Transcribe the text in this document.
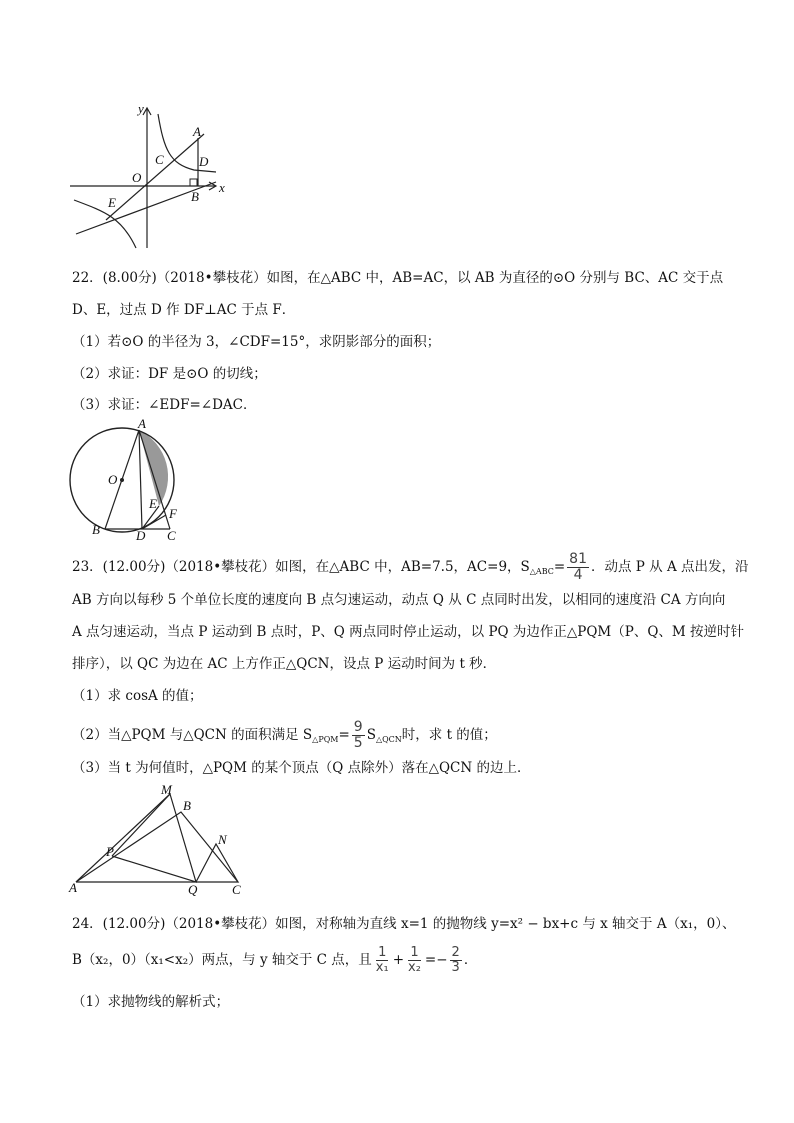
y
x
A
C	D
O
B
E
22．(8.00分)（2018•攀枝花）如图，在△ABC 中，AB=AC，以 AB 为直径的⊙O 分别与 BC、AC 交于点
D、E，过点 D 作 DF⊥AC 于点 F．
（1）若⊙O 的半径为 3，∠CDF=15°，求阴影部分的面积；
（2）求证：DF 是⊙O 的切线；
（3）求证：∠EDF=∠DAC．
A
O
E
F
B	D C
23．(12.00分)（2018•攀枝花）如图，在△ABC 中，AB=7.5，AC=9，$S_{\triangle ABC}= \frac{81}{4}$ ．动点 P 从 A 点出发，沿
AB 方向以每秒 5 个单位长度的速度向 B 点匀速运动，动点 Q 从 C 点同时出发，以相同的速度沿 CA 方向向
A 点匀速运动，当点 P 运动到 B 点时，P、Q 两点同时停止运动，以 PQ 为边作正△PQM（P、Q、M 按逆时针
排序），以 QC 为边在 AC 上方作正△QCN，设点 P 运动时间为 t 秒．
（1）求 cosA 的值；
（2）当△PQM 与△QCN 的面积满足 $S_{\triangle PQM}= \frac{9}{5} S_{\triangle QCN}$时，求 t 的值；
（3）当 t 为何值时，△PQM 的某个顶点（Q 点除外）落在△QCN 的边上．
M
B
N
P
A	Q	C
24．(12.00分)（2018•攀枝花）如图，对称轴为直线 x=1 的抛物线 y=x² − bx+c 与 x 轴交于 A（x₁，0）、
B（x₂，0）（x₁<x₂）两点，与 y 轴交于 C 点，且 $\frac{1}{\text{x₁}} + \frac{1}{\text{x₂}} =- \frac{2}{3}$ ．
（1）求抛物线的解析式；
